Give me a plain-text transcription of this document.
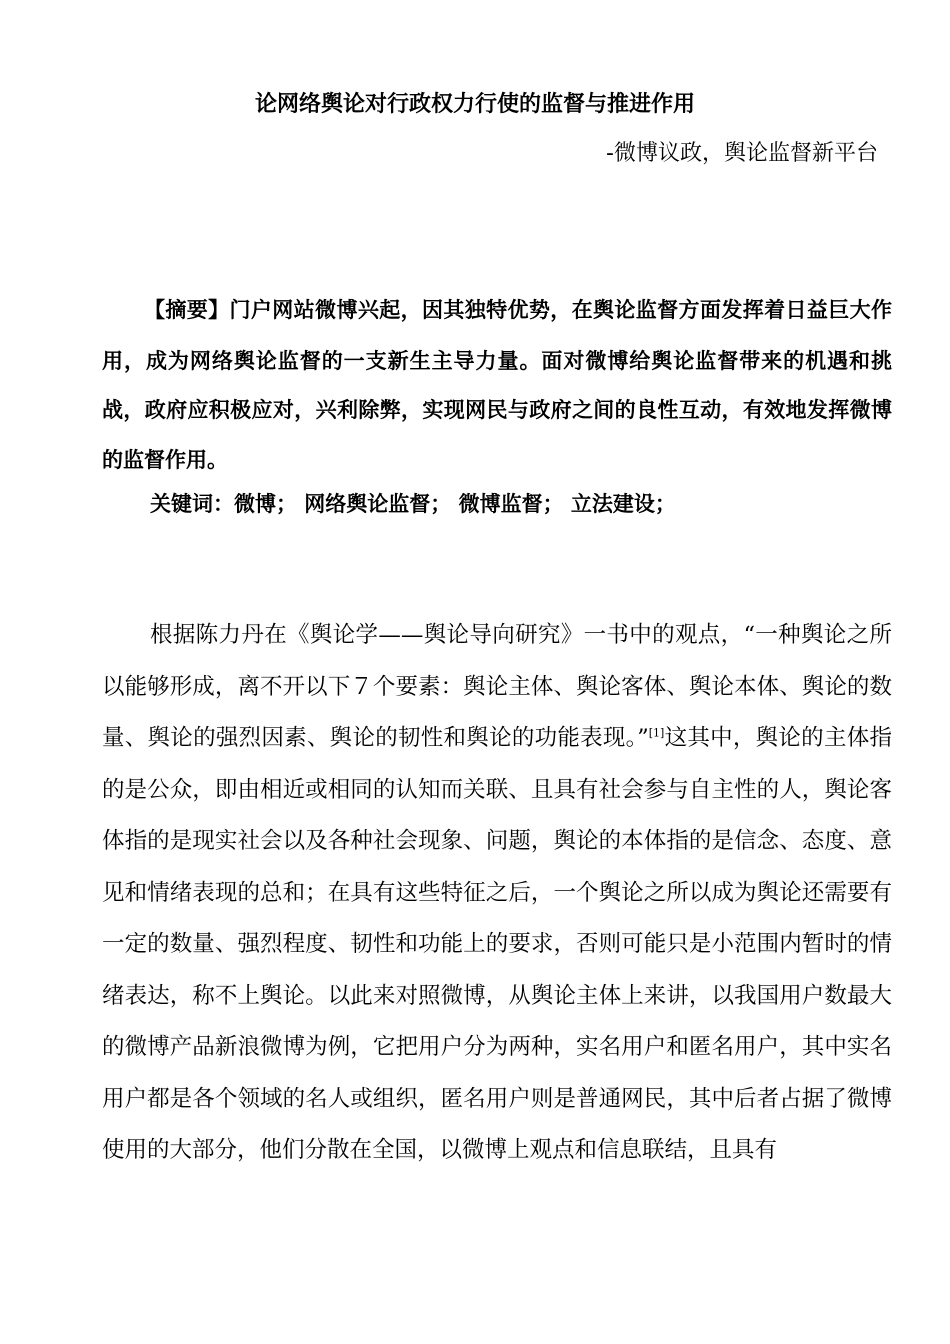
论网络舆论对行政权力行使的监督与推进作用
-微博议政，舆论监督新平台

【摘要】门户网站微博兴起，因其独特优势，在舆论监督方面发挥着日益巨大作用，成为网络舆论监督的一支新生主导力量。面对微博给舆论监督带来的机遇和挑战，政府应积极应对，兴利除弊，实现网民与政府之间的良性互动，有效地发挥微博的监督作用。

关键词：微博； 网络舆论监督； 微博监督； 立法建设；

根据陈力丹在《舆论学——舆论导向研究》一书中的观点，“一种舆论之所以能够形成，离不开以下７个要素：舆论主体、舆论客体、舆论本体、舆论的数量、舆论的强烈因素、舆论的韧性和舆论的功能表现。”[1]这其中，舆论的主体指的是公众，即由相近或相同的认知而关联、且具有社会参与自主性的人，舆论客体指的是现实社会以及各种社会现象、问题，舆论的本体指的是信念、态度、意见和情绪表现的总和；在具有这些特征之后，一个舆论之所以成为舆论还需要有一定的数量、强烈程度、韧性和功能上的要求，否则可能只是小范围内暂时的情绪表达，称不上舆论。以此来对照微博，从舆论主体上来讲，以我国用户数最大的微博产品新浪微博为例，它把用户分为两种，实名用户和匿名用户，其中实名用户都是各个领域的名人或组织，匿名用户则是普通网民，其中后者占据了微博使用的大部分，他们分散在全国，以微博上观点和信息联结，且具有
